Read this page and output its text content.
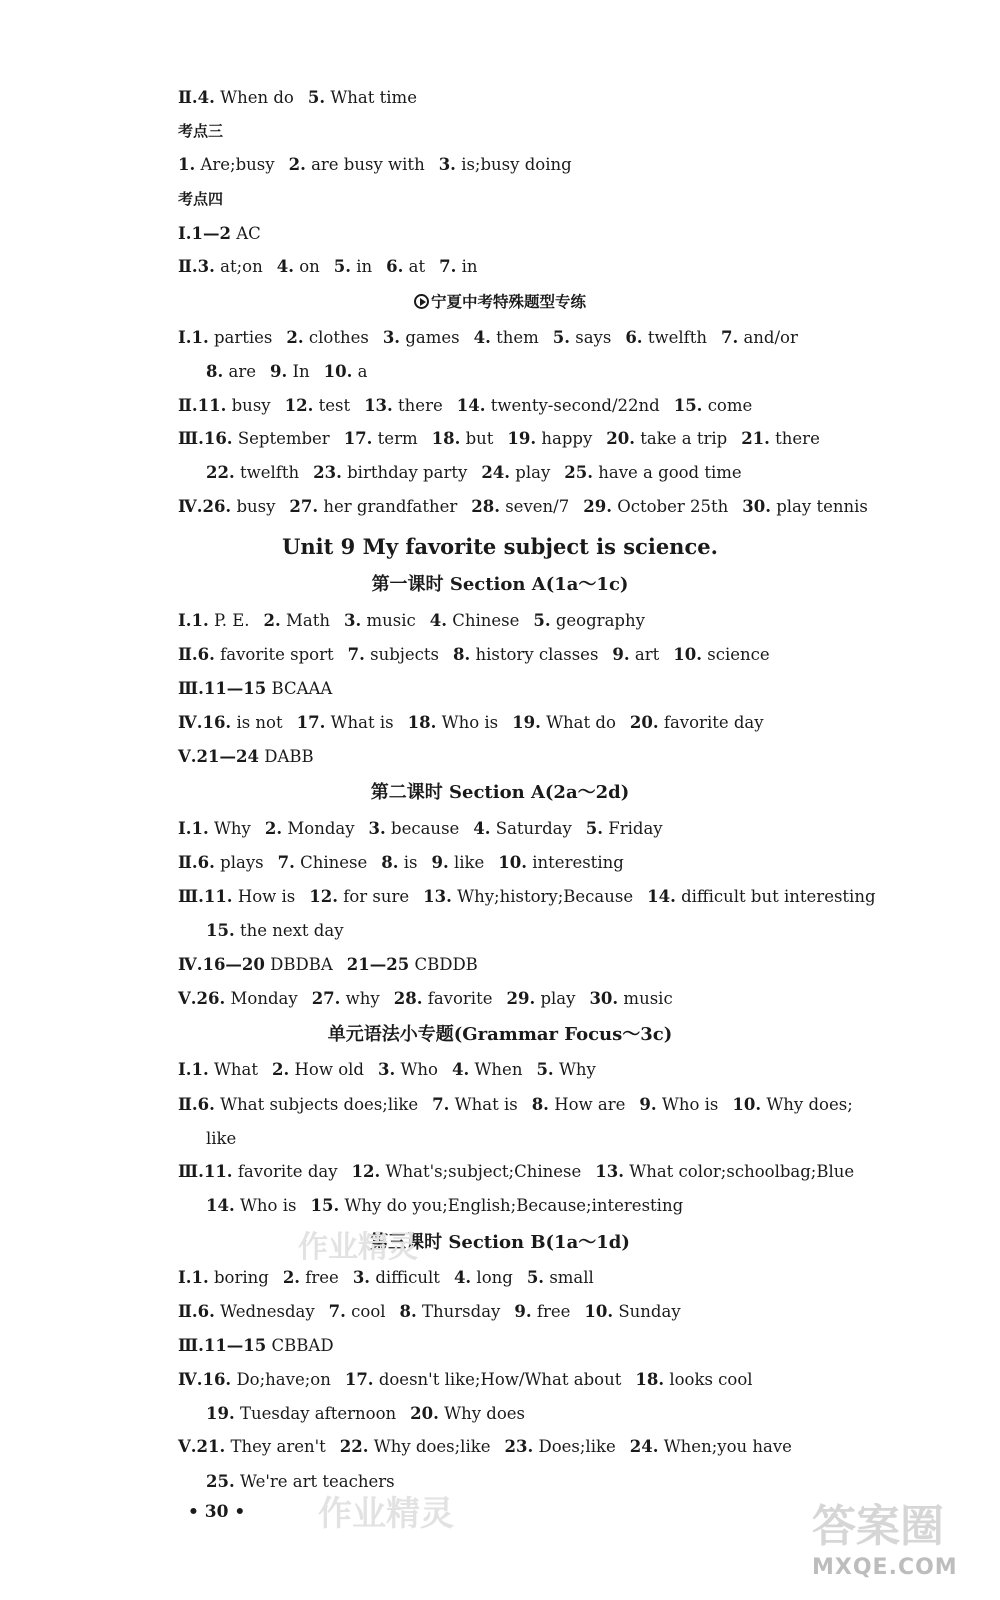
Ⅱ.4. When do 5. What time
考点三
1. Are;busy 2. are busy with 3. is;busy doing
考点四
Ⅰ.1—2 AC
Ⅱ.3. at;on 4. on 5. in 6. at 7. in
宁夏中考特殊题型专练
Ⅰ.1. parties 2. clothes 3. games 4. them 5. says 6. twelfth 7. and/or
8. are 9. In 10. a
Ⅱ.11. busy 12. test 13. there 14. twenty-second/22nd 15. come
Ⅲ.16. September 17. term 18. but 19. happy 20. take a trip 21. there
22. twelfth 23. birthday party 24. play 25. have a good time
Ⅳ.26. busy 27. her grandfather 28. seven/7 29. October 25th 30. play tennis
Unit 9 My favorite subject is science.
第一课时 Section A(1a～1c)
Ⅰ.1. P. E. 2. Math 3. music 4. Chinese 5. geography
Ⅱ.6. favorite sport 7. subjects 8. history classes 9. art 10. science
Ⅲ.11—15 BCAAA
Ⅳ.16. is not 17. What is 18. Who is 19. What do 20. favorite day
Ⅴ.21—24 DABB
第二课时 Section A(2a～2d)
Ⅰ.1. Why 2. Monday 3. because 4. Saturday 5. Friday
Ⅱ.6. plays 7. Chinese 8. is 9. like 10. interesting
Ⅲ.11. How is 12. for sure 13. Why;history;Because 14. difficult but interesting
15. the next day
Ⅳ.16—20 DBDBA 21—25 CBDDB
Ⅴ.26. Monday 27. why 28. favorite 29. play 30. music
单元语法小专题(Grammar Focus～3c)
Ⅰ.1. What 2. How old 3. Who 4. When 5. Why
Ⅱ.6. What subjects does;like 7. What is 8. How are 9. Who is 10. Why does;
like
Ⅲ.11. favorite day 12. What's;subject;Chinese 13. What color;schoolbag;Blue
14. Who is 15. Why do you;English;Because;interesting
第三课时 Section B(1a～1d)
Ⅰ.1. boring 2. free 3. difficult 4. long 5. small
Ⅱ.6. Wednesday 7. cool 8. Thursday 9. free 10. Sunday
Ⅲ.11—15 CBBAD
Ⅳ.16. Do;have;on 17. doesn't like;How/What about 18. looks cool
19. Tuesday afternoon 20. Why does
Ⅴ.21. They aren't 22. Why does;like 23. Does;like 24. When;you have
25. We're art teachers
• 30 •
作业精灵
作业精灵	答案圈
MXQE.COM
